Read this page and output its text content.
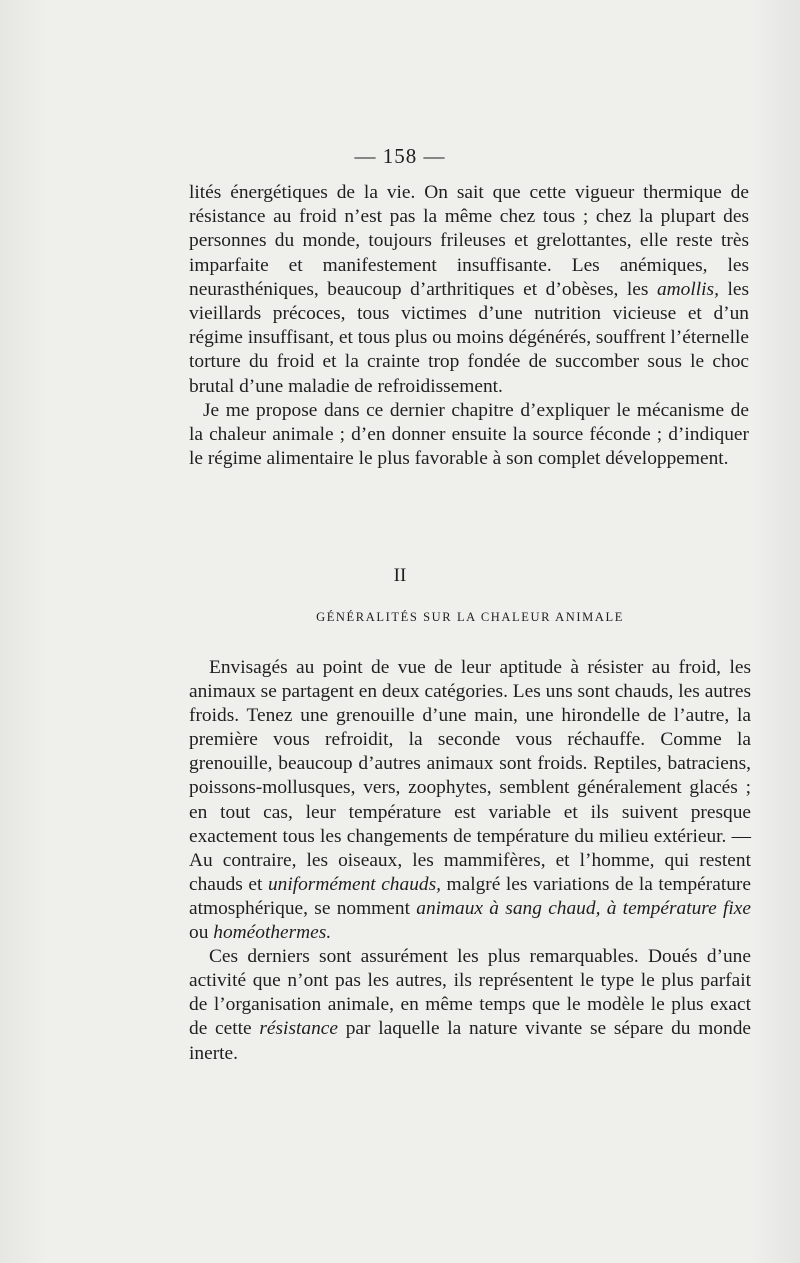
— 158 —

lités énergétiques de la vie. On sait que cette vigueur thermique de résistance au froid n’est pas la même chez tous ; chez la plupart des personnes du monde, toujours frileuses et grelottantes, elle reste très imparfaite et manifestement insuffisante. Les anémiques, les neurasthéniques, beaucoup d’arthritiques et d’obèses, les amollis, les vieillards précoces, tous victimes d’une nutrition vicieuse et d’un régime insuffisant, et tous plus ou moins dégénérés, souffrent l’éternelle torture du froid et la crainte trop fondée de succomber sous le choc brutal d’une maladie de refroidissement.

Je me propose dans ce dernier chapitre d’expliquer le mécanisme de la chaleur animale ; d’en donner ensuite la source féconde ; d’indiquer le régime alimentaire le plus favorable à son complet développement.

II
GÉNÉRALITÉS SUR LA CHALEUR ANIMALE

Envisagés au point de vue de leur aptitude à résister au froid, les animaux se partagent en deux catégories. Les uns sont chauds, les autres froids. Tenez une grenouille d’une main, une hirondelle de l’autre, la première vous refroidit, la seconde vous réchauffe. Comme la grenouille, beaucoup d’autres animaux sont froids. Reptiles, batraciens, poissons-mollusques, vers, zoophytes, semblent généralement glacés ; en tout cas, leur température est variable et ils suivent presque exactement tous les changements de température du milieu extérieur. — Au contraire, les oiseaux, les mammifères, et l’homme, qui restent chauds et uniformément chauds, malgré les variations de la température atmosphérique, se nomment animaux à sang chaud, à température fixe ou homéothermes.

Ces derniers sont assurément les plus remarquables. Doués d’une activité que n’ont pas les autres, ils représentent le type le plus parfait de l’organisation animale, en même temps que le modèle le plus exact de cette résistance par laquelle la nature vivante se sépare du monde inerte.
